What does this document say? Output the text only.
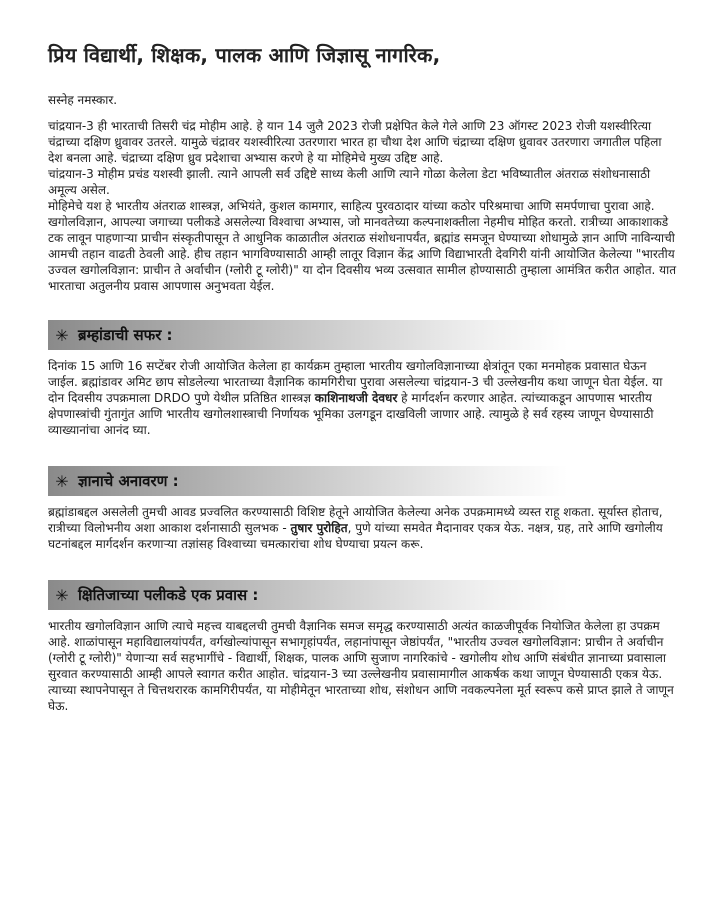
प्रिय विद्यार्थी, शिक्षक, पालक आणि जिज्ञासू नागरिक,
सस्नेह नमस्कार.

चांद्रयान-3 ही भारताची तिसरी चंद्र मोहीम आहे. हे यान 14 जुलै 2023 रोजी प्रक्षेपित केले गेले आणि 23 ऑगस्ट 2023 रोजी यशस्वीरित्या चंद्राच्या दक्षिण ध्रुवावर उतरले. यामुळे चंद्रावर यशस्वीरित्या उतरणारा भारत हा चौथा देश आणि चंद्राच्या दक्षिण ध्रुवावर उतरणारा जगातील पहिला देश बनला आहे. चंद्राच्या दक्षिण ध्रुव प्रदेशाचा अभ्यास करणे हे या मोहिमेचे मुख्य उद्दिष्ट आहे.

चांद्रयान-3 मोहीम प्रचंड यशस्वी झाली. त्याने आपली सर्व उद्दिष्टे साध्य केली आणि त्याने गोळा केलेला डेटा भविष्यातील अंतराळ संशोधनासाठी अमूल्य असेल.

मोहिमेचे यश हे भारतीय अंतराळ शास्त्रज्ञ, अभियंते, कुशल कामगार, साहित्य पुरवठादार यांच्या कठोर परिश्रमाचा आणि समर्पणाचा पुरावा आहे.

खगोलविज्ञान, आपल्या जगाच्या पलीकडे असलेल्या विश्वाचा अभ्यास, जो मानवतेच्या कल्पनाशक्तीला नेहमीच मोहित करतो. रात्रीच्या आकाशाकडे टक लावून पाहणाऱ्या प्राचीन संस्कृतीपासून ते आधुनिक काळातील अंतराळ संशोधनापर्यंत, ब्रह्मांड समजून घेण्याच्या शोधामुळे ज्ञान आणि नाविन्याची आमची तहान वाढती ठेवली आहे. हीच तहान भागविण्यासाठी आम्ही लातूर विज्ञान केंद्र आणि विद्याभारती देवगिरी यांनी आयोजित केलेल्या "भारतीय उज्वल खगोलविज्ञान: प्राचीन ते अर्वाचीन (ग्लोरी टू ग्लोरी)" या दोन दिवसीय भव्य उत्सवात सामील होण्यासाठी तुम्हाला आमंत्रित करीत आहोत. यात भारताचा अतुलनीय प्रवास आपणास अनुभवता येईल.

✳ ब्रम्हांडाची सफर :

दिनांक 15 आणि 16 सप्टेंबर रोजी आयोजित केलेला हा कार्यक्रम तुम्हाला भारतीय खगोलविज्ञानाच्या क्षेत्रांतून एका मनमोहक प्रवासात घेऊन जाईल. ब्रह्मांडावर अमिट छाप सोडलेल्या भारताच्या वैज्ञानिक कामगिरीचा पुरावा असलेल्या चांद्रयान-3 ची उल्लेखनीय कथा जाणून घेता येईल. या दोन दिवसीय उपक्रमाला DRDO पुणे येथील प्रतिष्ठित शास्त्रज्ञ काशिनाथजी देवधर हे मार्गदर्शन करणार आहेत. त्यांच्याकडून आपणास भारतीय क्षेपणास्त्रांची गुंतागुंत आणि भारतीय खगोलशास्त्राची निर्णायक भूमिका उलगडून दाखविली जाणार आहे. त्यामुळे हे सर्व रहस्य जाणून घेण्यासाठी व्याख्यानांचा आनंद घ्या.

✳ ज्ञानाचे अनावरण :

ब्रह्मांडाबद्दल असलेली तुमची आवड प्रज्वलित करण्यासाठी विशिष्ट हेतूने आयोजित केलेल्या अनेक उपक्रमामध्ये व्यस्त राहू शकता. सूर्यास्त होताच, रात्रीच्या विलोभनीय अशा आकाश दर्शनासाठी सुलभक - तुषार पुरोहित, पुणे यांच्या समवेत मैदानावर एकत्र येऊ. नक्षत्र, ग्रह, तारे आणि खगोलीय घटनांबद्दल मार्गदर्शन करणाऱ्या तज्ञांसह विश्वाच्या चमत्कारांचा शोध घेण्याचा प्रयत्न करू.

✳ क्षितिजाच्या पलीकडे एक प्रवास :

भारतीय खगोलविज्ञान आणि त्याचे महत्त्व याबद्दलची तुमची वैज्ञानिक समज समृद्ध करण्यासाठी अत्यंत काळजीपूर्वक नियोजित केलेला हा उपक्रम आहे. शाळांपासून महाविद्यालयांपर्यंत, वर्गखोल्यांपासून सभागृहांपर्यंत, लहानांपासून जेष्ठांपर्यंत, "भारतीय उज्वल खगोलविज्ञान: प्राचीन ते अर्वाचीन (ग्लोरी टू ग्लोरी)" येणाऱ्या सर्व सहभागींचे - विद्यार्थी, शिक्षक, पालक आणि सुजाण नागरिकांचे - खगोलीय शोध आणि संबंधीत ज्ञानाच्या प्रवासाला सुरवात करण्यासाठी आम्ही आपले स्वागत करीत आहोत. चांद्रयान-3 च्या उल्लेखनीय प्रवासामागील आकर्षक कथा जाणून घेण्यासाठी एकत्र येऊ. त्याच्या स्थापनेपासून ते चित्तथरारक कामगिरीपर्यंत, या मोहीमेतून भारताच्या शोध, संशोधन आणि नवकल्पनेला मूर्त स्वरूप कसे प्राप्त झाले ते जाणून घेऊ.
